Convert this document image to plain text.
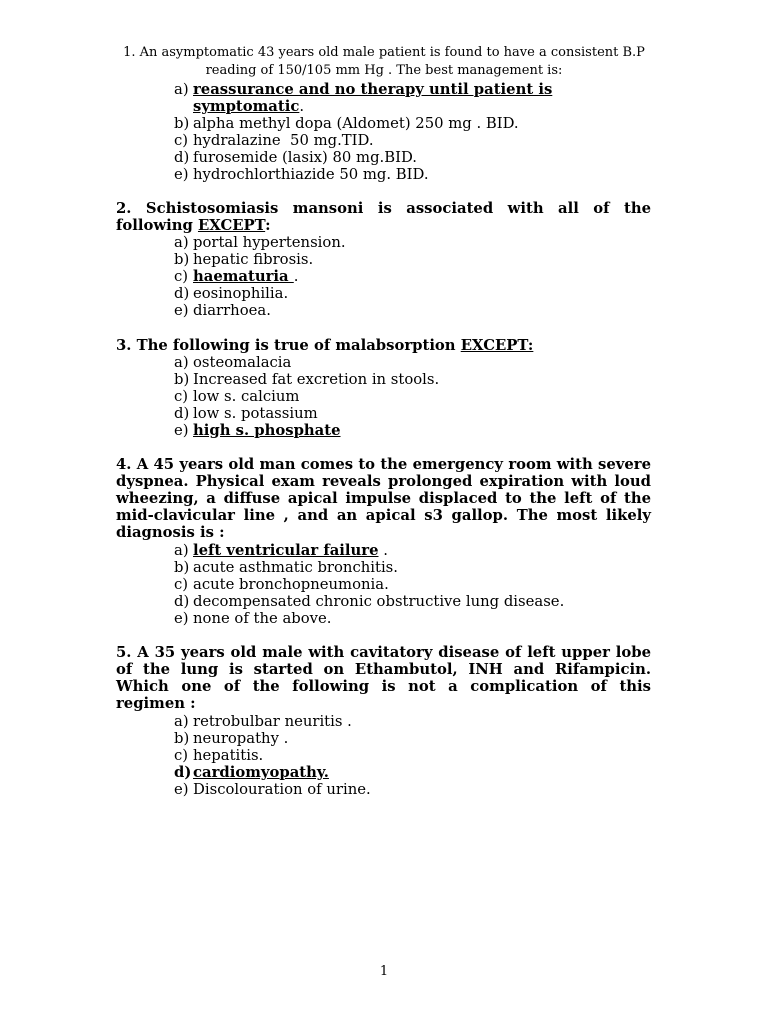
1. An asymptomatic 43 years old male patient is found to have a consistent B.P reading of 150/105 mm Hg . The best management is:
a) reassurance and no therapy until patient is symptomatic.
b) alpha methyl dopa (Aldomet) 250 mg . BID.
c) hydralazine  50 mg.TID.
d) furosemide (lasix) 80 mg.BID.
e) hydrochlorthiazide 50 mg. BID.
2. Schistosomiasis mansoni is associated with all of the following EXCEPT:
a) portal hypertension.
b) hepatic fibrosis.
c) haematuria .
d) eosinophilia.
e) diarrhoea.
3. The following is true of malabsorption EXCEPT:
a) osteomalacia
b) Increased fat excretion in stools.
c) low s. calcium
d) low s. potassium
e) high s. phosphate
4. A 45 years old man comes to the emergency room with severe dyspnea. Physical exam reveals prolonged expiration with loud wheezing, a diffuse apical impulse displaced to the left of the mid-clavicular line , and an apical s3 gallop. The most likely diagnosis is :
a) left ventricular failure .
b) acute asthmatic bronchitis.
c) acute bronchopneumonia.
d) decompensated chronic obstructive lung disease.
e) none of the above.
5. A 35 years old male with cavitatory disease of left upper lobe of the lung is started on Ethambutol, INH and Rifampicin. Which one of the following is not a complication of this regimen :
a) retrobulbar neuritis .
b) neuropathy .
c) hepatitis.
d) cardiomyopathy.
e) Discolouration of urine.
1
